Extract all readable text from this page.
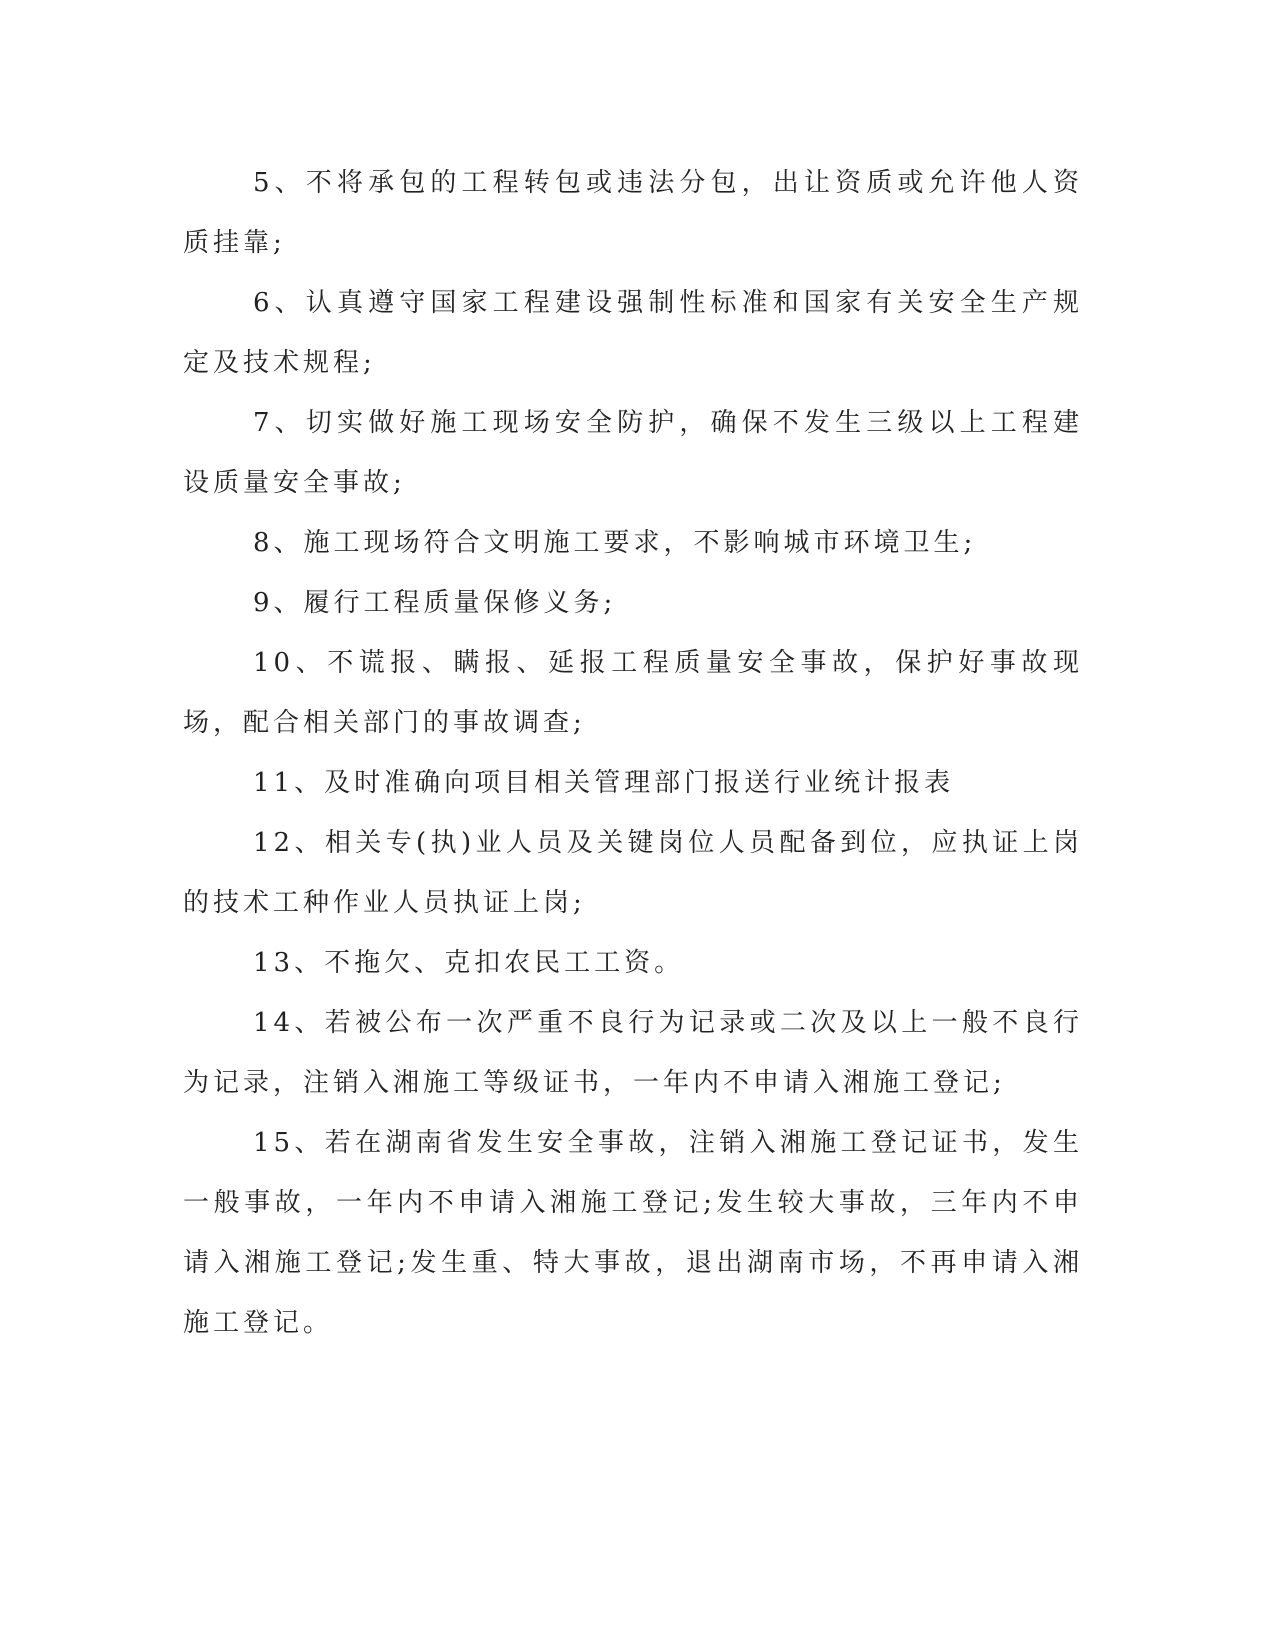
5、不将承包的工程转包或违法分包，出让资质或允许他人资质挂靠;

6、认真遵守国家工程建设强制性标准和国家有关安全生产规定及技术规程;

7、切实做好施工现场安全防护，确保不发生三级以上工程建设质量安全事故;

8、施工现场符合文明施工要求，不影响城市环境卫生;

9、履行工程质量保修义务;

10、不谎报、瞒报、延报工程质量安全事故，保护好事故现场，配合相关部门的事故调查;

11、及时准确向项目相关管理部门报送行业统计报表

12、相关专(执)业人员及关键岗位人员配备到位，应执证上岗的技术工种作业人员执证上岗;

13、不拖欠、克扣农民工工资。

14、若被公布一次严重不良行为记录或二次及以上一般不良行为记录，注销入湘施工等级证书，一年内不申请入湘施工登记;

15、若在湖南省发生安全事故，注销入湘施工登记证书，发生一般事故，一年内不申请入湘施工登记;发生较大事故，三年内不申请入湘施工登记;发生重、特大事故，退出湖南市场，不再申请入湘施工登记。
